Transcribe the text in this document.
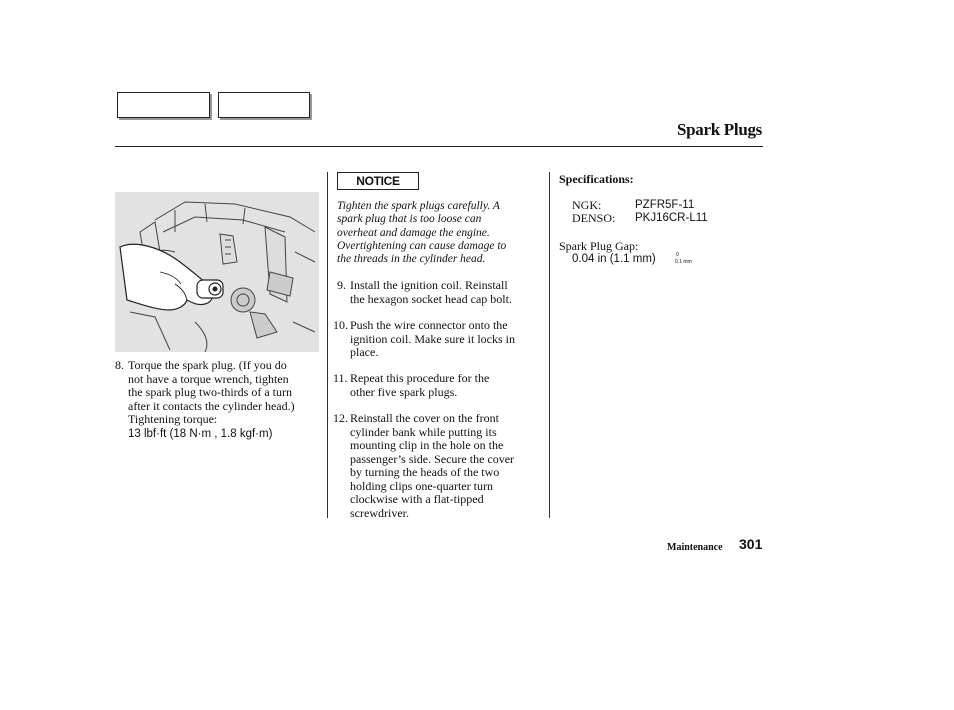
Spark Plugs
8. Torque the spark plug. (If you do
not have a torque wrench, tighten
the spark plug two-thirds of a turn
after it contacts the cylinder head.)
Tightening torque:
13 lbf·ft (18 N·m , 1.8 kgf·m)
NOTICE
Tighten the spark plugs carefully. A
spark plug that is too loose can
overheat and damage the engine.
Overtightening can cause damage to
the threads in the cylinder head.
9. Install the ignition coil. Reinstall
the hexagon socket head cap bolt.
10. Push the wire connector onto the
ignition coil. Make sure it locks in
place.
11. Repeat this procedure for the
other five spark plugs.
12. Reinstall the cover on the front
cylinder bank while putting its
mounting clip in the hole on the
passenger’s side. Secure the cover
by turning the heads of the two
holding clips one-quarter turn
clockwise with a flat-tipped
screwdriver.
Specifications:
NGK:	PZFR5F-11
DENSO: PKJ16CR-L11
Spark Plug Gap:
0.04 in (1.1 mm)	0
0.1 mm
Maintenance 301
